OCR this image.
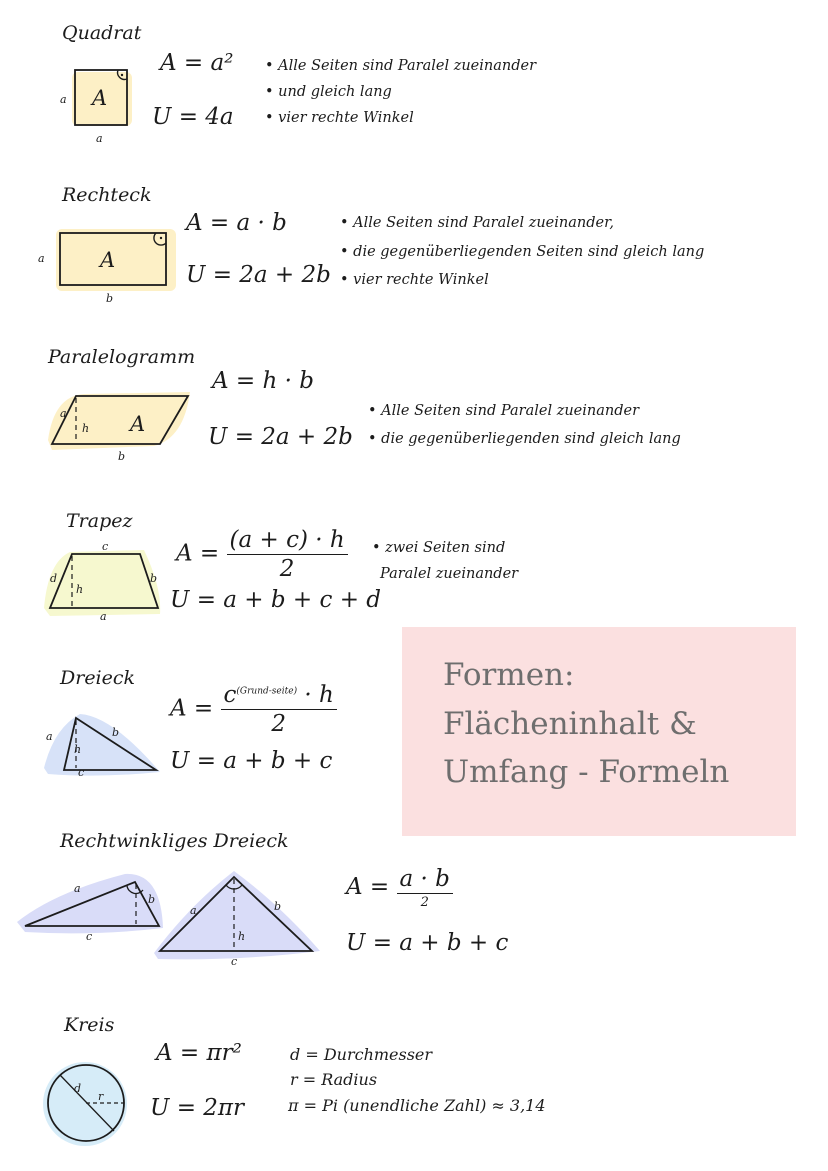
Quadrat
A
a
a
A = a²
U = 4a
• Alle Seiten sind Paralel zueinander
• und gleich lang
• vier rechte Winkel
Rechteck
A
a
b
A = a · b
U = 2a + 2b
• Alle Seiten sind Paralel zueinander,
• die gegenüberliegenden Seiten sind gleich lang
• vier rechte Winkel
Paralelogramm
a
h A
b
A = h · b
U = 2a + 2b
• Alle Seiten sind Paralel zueinander
• die gegenüberliegenden sind gleich lang
Trapez
c
d
h
b
a
$A = \frac{(a + c) \cdot h}{2}$
U = a + b + c + d
• zwei Seiten sind
Paralel zueinander
Formen:
Flächeninhalt &
Umfang - Formeln
Dreieck
a	b
h
c
$A = \frac{c^{(Grund-seite)} \cdot h}{2}$
U = a + b + c
Rechtwinkliges Dreieck
a
b
c
a	b
h
c
$A = \frac{a \cdot b}{2}$
U = a + b + c
Kreis
d
r
A = πr²
U = 2πr
d = Durchmesser
r = Radius
π = Pi (unendliche Zahl) ≈ 3,14
